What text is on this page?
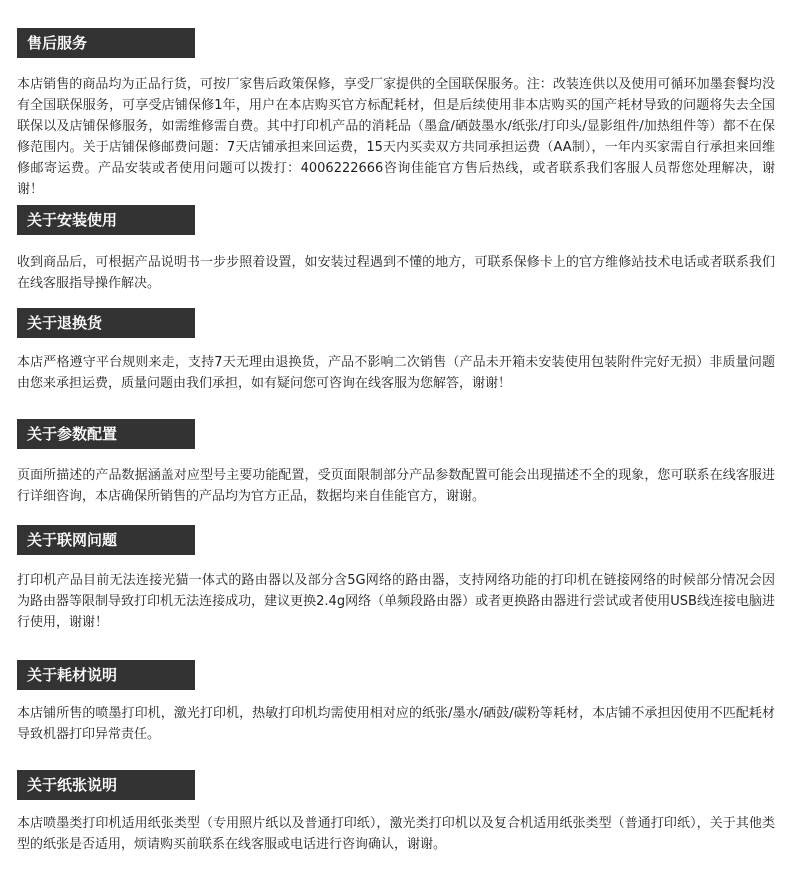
售后服务
本店销售的商品均为正品行货，可按厂家售后政策保修，享受厂家提供的全国联保服务。注：改装连供以及使用可循环加墨套餐均没有全国联保服务，可享受店铺保修1年，用户在本店购买官方标配耗材，但是后续使用非本店购买的国产耗材导致的问题将失去全国联保以及店铺保修服务，如需维修需自费。其中打印机产品的消耗品（墨盒/硒鼓墨水/纸张/打印头/显影组件/加热组件等）都不在保修范围内。关于店铺保修邮费问题：7天店铺承担来回运费，15天内买卖双方共同承担运费（AA制），一年内买家需自行承担来回维修邮寄运费。产品安装或者使用问题可以拨打：4006222666咨询佳能官方售后热线，或者联系我们客服人员帮您处理解决，谢谢！
关于安装使用
收到商品后，可根据产品说明书一步步照着设置，如安装过程遇到不懂的地方，可联系保修卡上的官方维修站技术电话或者联系我们在线客服指导操作解决。
关于退换货
本店严格遵守平台规则来走，支持7天无理由退换货，产品不影响二次销售（产品未开箱未安装使用包装附件完好无损）非质量问题由您来承担运费，质量问题由我们承担，如有疑问您可咨询在线客服为您解答，谢谢！
关于参数配置
页面所描述的产品数据涵盖对应型号主要功能配置，受页面限制部分产品参数配置可能会出现描述不全的现象，您可联系在线客服进行详细咨询，本店确保所销售的产品均为官方正品，数据均来自佳能官方，谢谢。
关于联网问题
打印机产品目前无法连接光猫一体式的路由器以及部分含5G网络的路由器，支持网络功能的打印机在链接网络的时候部分情况会因为路由器等限制导致打印机无法连接成功，建议更换2.4g网络（单频段路由器）或者更换路由器进行尝试或者使用USB线连接电脑进行使用，谢谢！
关于耗材说明
本店铺所售的喷墨打印机，激光打印机，热敏打印机均需使用相对应的纸张/墨水/硒鼓/碳粉等耗材，本店铺不承担因使用不匹配耗材导致机器打印异常责任。
关于纸张说明
本店喷墨类打印机适用纸张类型（专用照片纸以及普通打印纸），激光类打印机以及复合机适用纸张类型（普通打印纸），关于其他类型的纸张是否适用，烦请购买前联系在线客服或电话进行咨询确认，谢谢。
